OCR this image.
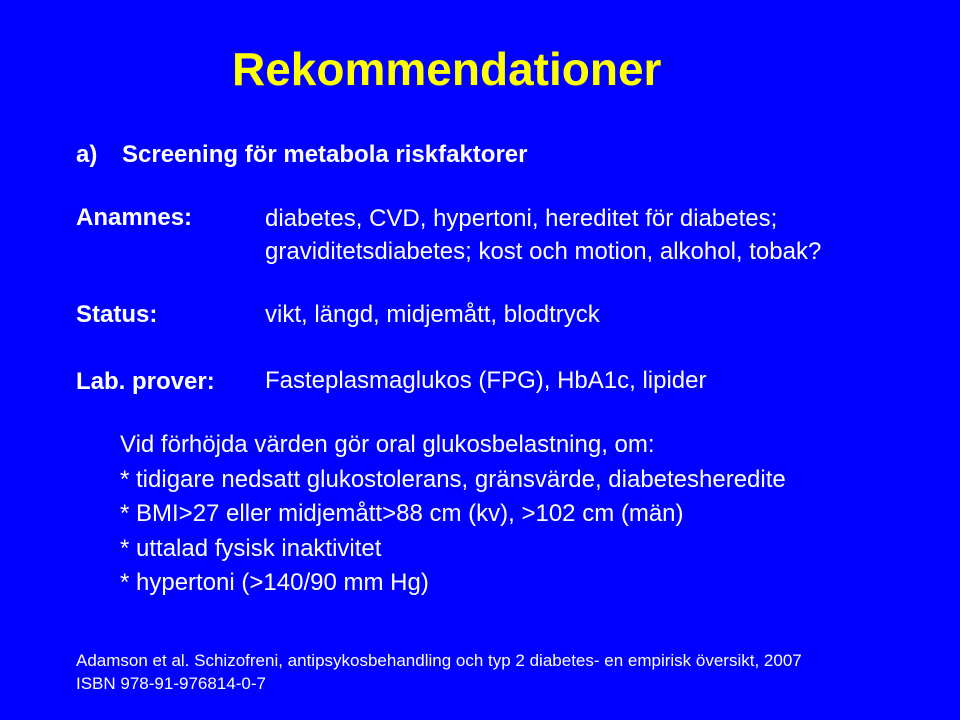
Rekommendationer
a) Screening för metabola riskfaktorer
Anamnes:	diabetes, CVD, hypertoni, hereditet för diabetes;
graviditetsdiabetes; kost och motion, alkohol, tobak?
Status:	vikt, längd, midjemått, blodtryck
Lab. prover: Fasteplasmaglukos (FPG), HbA1c, lipider
Vid förhöjda värden gör oral glukosbelastning, om:
* tidigare nedsatt glukostolerans, gränsvärde, diabetesheredite
* BMI>27 eller midjemått>88 cm (kv), >102 cm (män)
* uttalad fysisk inaktivitet
* hypertoni (>140/90 mm Hg)
Adamson et al. Schizofreni, antipsykosbehandling och typ 2 diabetes- en empirisk översikt, 2007
ISBN 978-91-976814-0-7
